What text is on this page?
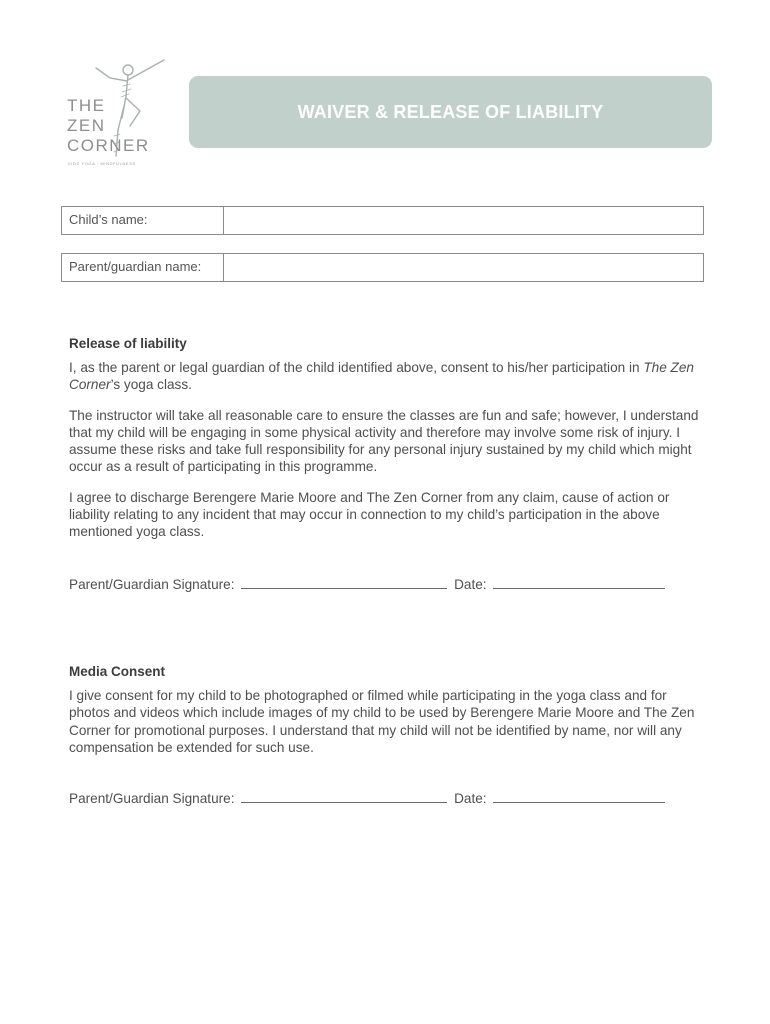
THE
ZEN
CORNER
KIDS YOGA · MINDFULNESS
WAIVER & RELEASE OF LIABILITY
Child’s name:
Parent/guardian name:
Release of liability

I, as the parent or legal guardian of the child identified above, consent to his/her participation in The Zen Corner’s yoga class.

The instructor will take all reasonable care to ensure the classes are fun and safe; however, I understand that my child will be engaging in some physical activity and therefore may involve some risk of injury. I assume these risks and take full responsibility for any personal injury sustained by my child which might occur as a result of participating in this programme.

I agree to discharge Berengere Marie Moore and The Zen Corner from any claim, cause of action or liability relating to any incident that may occur in connection to my child’s participation in the above mentioned yoga class.

Parent/Guardian Signature:	Date:
Media Consent

I give consent for my child to be photographed or filmed while participating in the yoga class and for photos and videos which include images of my child to be used by Berengere Marie Moore and The Zen Corner for promotional purposes. I understand that my child will not be identified by name, nor will any compensation be extended for such use.

Parent/Guardian Signature:	Date:
